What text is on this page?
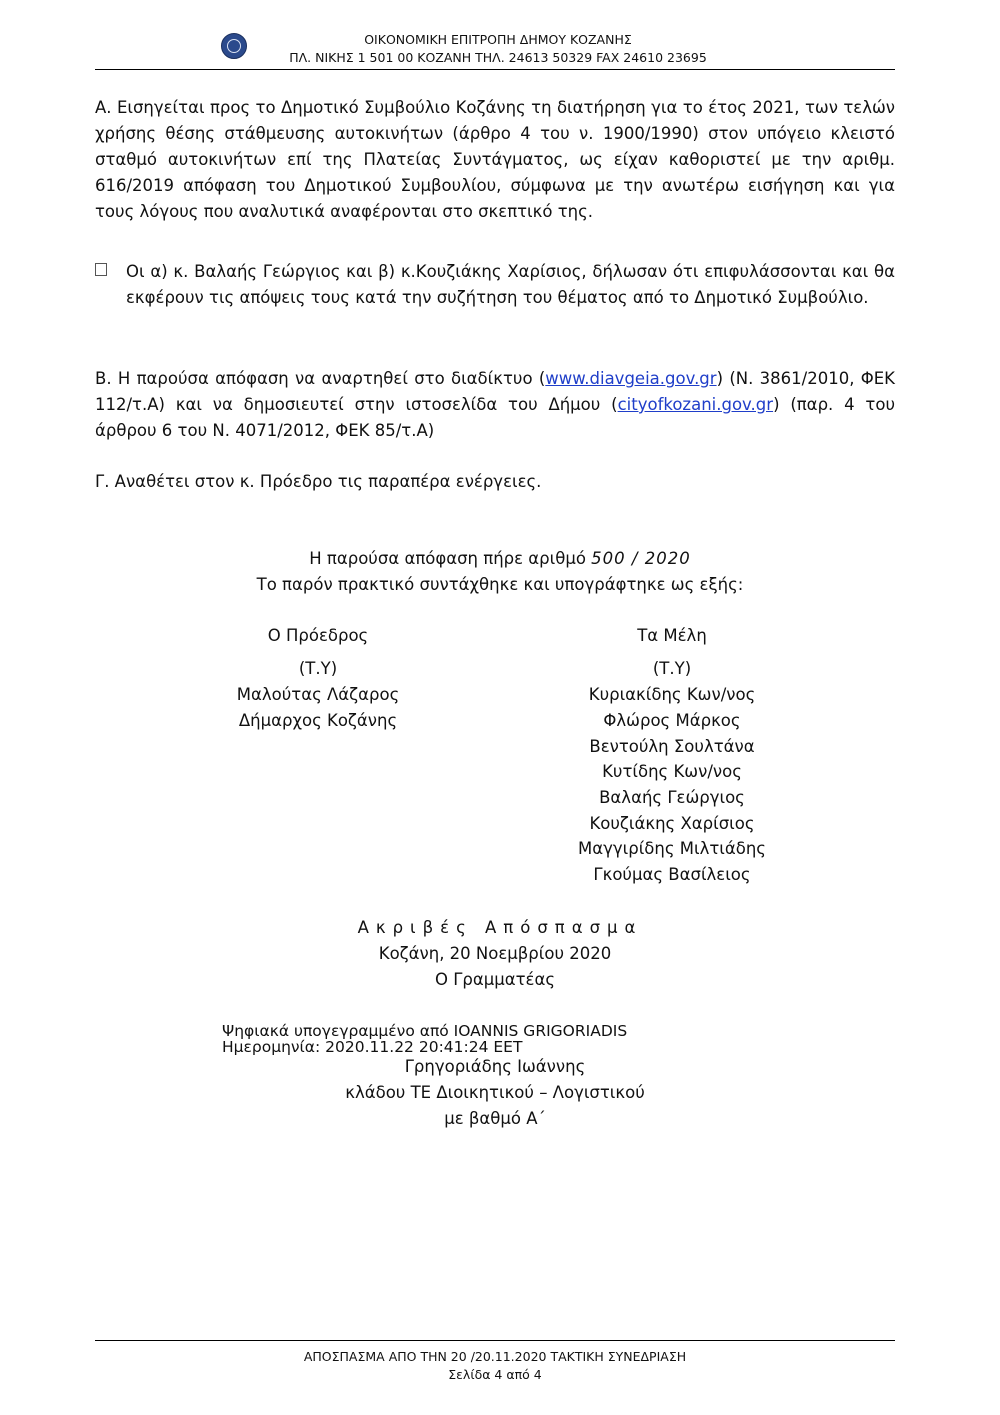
ΟΙΚΟΝΟΜΙΚΗ ΕΠΙΤΡΟΠΗ ΔΗΜΟΥ ΚΟΖΑΝΗΣ
ΠΛ. ΝΙΚΗΣ 1 501 00 ΚΟΖΑΝΗ ΤΗΛ. 24613 50329 FAX 24610 23695
Α. Εισηγείται προς το Δημοτικό Συμβούλιο Κοζάνης τη διατήρηση για το έτος 2021, των τελών χρήσης θέσης στάθμευσης αυτοκινήτων (άρθρο 4 του ν. 1900/1990) στον υπόγειο κλειστό σταθμό αυτοκινήτων επί της Πλατείας Συντάγματος, ως είχαν καθοριστεί με την αριθμ. 616/2019 απόφαση του Δημοτικού Συμβουλίου, σύμφωνα με την ανωτέρω εισήγηση και για τους λόγους που αναλυτικά αναφέρονται στο σκεπτικό της.
Οι α) κ. Βαλαής Γεώργιος και β) κ.Κουζιάκης Χαρίσιος, δήλωσαν ότι επιφυλάσσονται και θα εκφέρουν τις απόψεις τους κατά την συζήτηση του θέματος από το Δημοτικό Συμβούλιο.
Β. Η παρούσα απόφαση να αναρτηθεί στο διαδίκτυο (www.diavgeia.gov.gr) (Ν. 3861/2010, ΦΕΚ 112/τ.Α) και να δημοσιευτεί στην ιστοσελίδα του Δήμου (cityofkozani.gov.gr) (παρ. 4 του άρθρου 6 του Ν. 4071/2012, ΦΕΚ 85/τ.Α)
Γ. Αναθέτει στον κ. Πρόεδρο τις παραπέρα ενέργειες.
Η παρούσα απόφαση πήρε αριθμό 500 / 2020
Το παρόν πρακτικό συντάχθηκε και υπογράφτηκε ως εξής:
Ο Πρόεδρος
(Τ.Υ)
Μαλούτας Λάζαρος
Δήμαρχος Κοζάνης
Τα Μέλη
(Τ.Υ)
Κυριακίδης Κων/νος
Φλώρος Μάρκος
Βεντούλη Σουλτάνα
Κυτίδης Κων/νος
Βαλαής Γεώργιος
Κουζιάκης Χαρίσιος
Μαγγιρίδης Μιλτιάδης
Γκούμας Βασίλειος
Ακριβές Απόσπασμα
Κοζάνη, 20 Νοεμβρίου 2020
Ο Γραμματέας
Ψηφιακά υπογεγραμμένο από IOANNIS GRIGORIADIS
Ημερομηνία: 2020.11.22 20:41:24 EET
Γρηγοριάδης Ιωάννης
κλάδου ΤΕ Διοικητικού – Λογιστικού
με βαθμό Α΄
ΑΠΟΣΠΑΣΜΑ ΑΠΟ ΤΗΝ 20 /20.11.2020 ΤΑΚΤΙΚΗ ΣΥΝΕΔΡΙΑΣΗ
Σελίδα 4 από 4
